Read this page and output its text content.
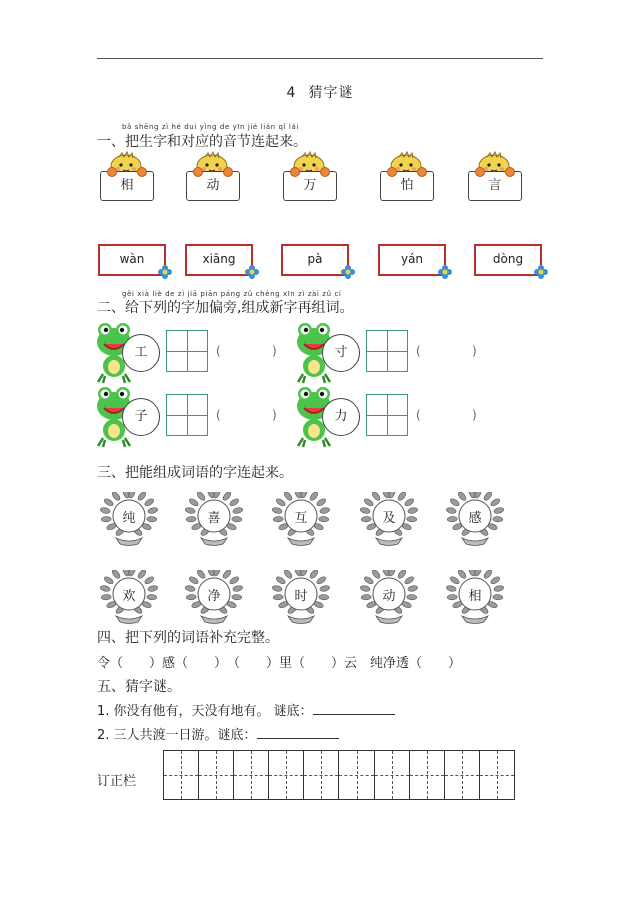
4 猜字谜
bǎ shēng zì hé duì yìng de yīn jié lián qǐ lái
一、把生字和对应的音节连起来。
gěi xià liè de zì jiā piān páng zǔ chéng xīn zì zài zǔ cí
二、给下列的字加偏旁,组成新字再组词。
三、把能组成词语的字连起来。
四、把下列的词语补充完整。
令（　　）感（　　）　（　　）里（　　）云　纯净透（　　）
五、猜字谜。
1. 你没有他有，天没有地有。 谜底：
2. 三人共渡一日游。谜底：
订正栏
相	动	万	怕	言
wàn	xiāng	pà	yán	dòng
工	(	)	寸	(	)
子	(	)	力	(	)
纯	喜	互	及	感
欢	净	时	动	相
